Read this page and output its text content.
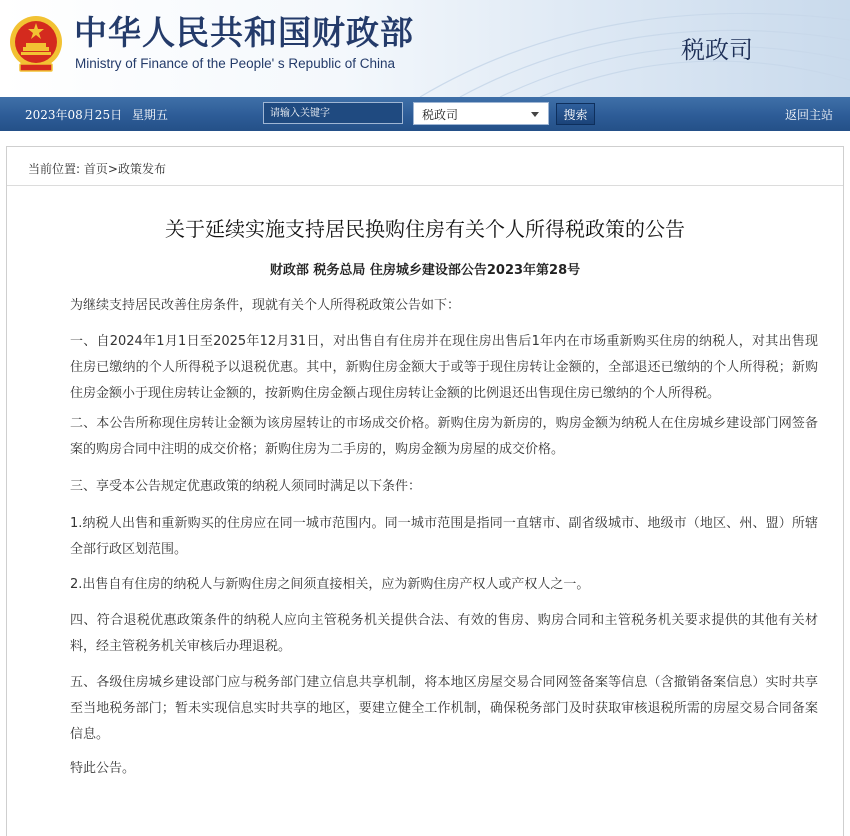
中华人民共和国财政部
Ministry of Finance of the People' s Republic of China	税政司
2023年08月25日 星期五
请输入关键字	税政司	搜索	返回主站
当前位置: 首页>政策发布
关于延续实施支持居民换购住房有关个人所得税政策的公告
财政部 税务总局 住房城乡建设部公告2023年第28号

为继续支持居民改善住房条件，现就有关个人所得税政策公告如下：

一、自2024年1月1日至2025年12月31日，对出售自有住房并在现住房出售后1年内在市场重新购买住房的纳税人，对其出售现住房已缴纳的个人所得税予以退税优惠。其中，新购住房金额大于或等于现住房转让金额的，全部退还已缴纳的个人所得税；新购住房金额小于现住房转让金额的，按新购住房金额占现住房转让金额的比例退还出售现住房已缴纳的个人所得税。

二、本公告所称现住房转让金额为该房屋转让的市场成交价格。新购住房为新房的，购房金额为纳税人在住房城乡建设部门网签备案的购房合同中注明的成交价格；新购住房为二手房的，购房金额为房屋的成交价格。

三、享受本公告规定优惠政策的纳税人须同时满足以下条件：

1.纳税人出售和重新购买的住房应在同一城市范围内。同一城市范围是指同一直辖市、副省级城市、地级市（地区、州、盟）所辖全部行政区划范围。

2.出售自有住房的纳税人与新购住房之间须直接相关，应为新购住房产权人或产权人之一。

四、符合退税优惠政策条件的纳税人应向主管税务机关提供合法、有效的售房、购房合同和主管税务机关要求提供的其他有关材料，经主管税务机关审核后办理退税。

五、各级住房城乡建设部门应与税务部门建立信息共享机制，将本地区房屋交易合同网签备案等信息（含撤销备案信息）实时共享至当地税务部门；暂未实现信息实时共享的地区，要建立健全工作机制，确保税务部门及时获取审核退税所需的房屋交易合同备案信息。

特此公告。
